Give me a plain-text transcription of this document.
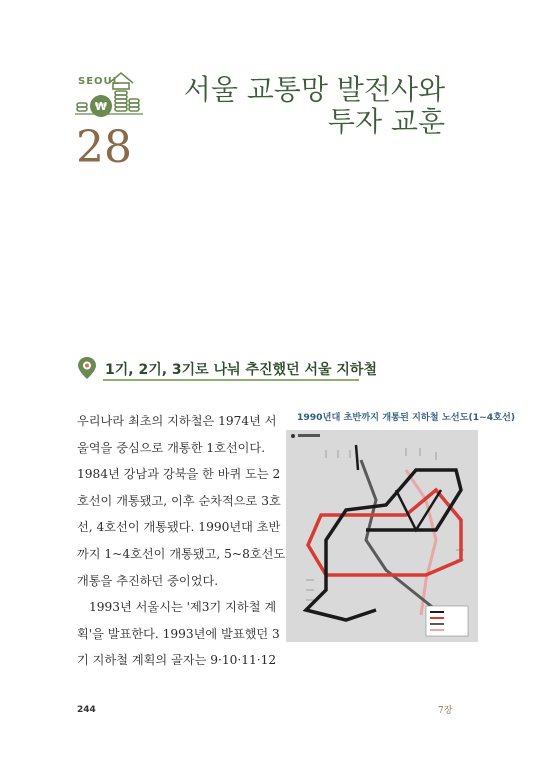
₩
SEOUL
28
서울 교통망 발전사와
투자 교훈
1기, 2기, 3기로 나눠 추진했던 서울 지하철
우리나라 최초의 지하철은 1974년 서
울역을 중심으로 개통한 1호선이다.
1984년 강남과 강북을 한 바퀴 도는 2
호선이 개통됐고, 이후 순차적으로 3호
선, 4호선이 개통됐다. 1990년대 초반
까지 1~4호선이 개통됐고, 5~8호선도
개통을 추진하던 중이었다.
1993년 서울시는 '제3기 지하철 계
획'을 발표한다. 1993년에 발표했던 3
기 지하철 계획의 골자는 9·10·11·12
1990년대 초반까지 개통된 지하철 노선도(1~4호선)
244	7장
